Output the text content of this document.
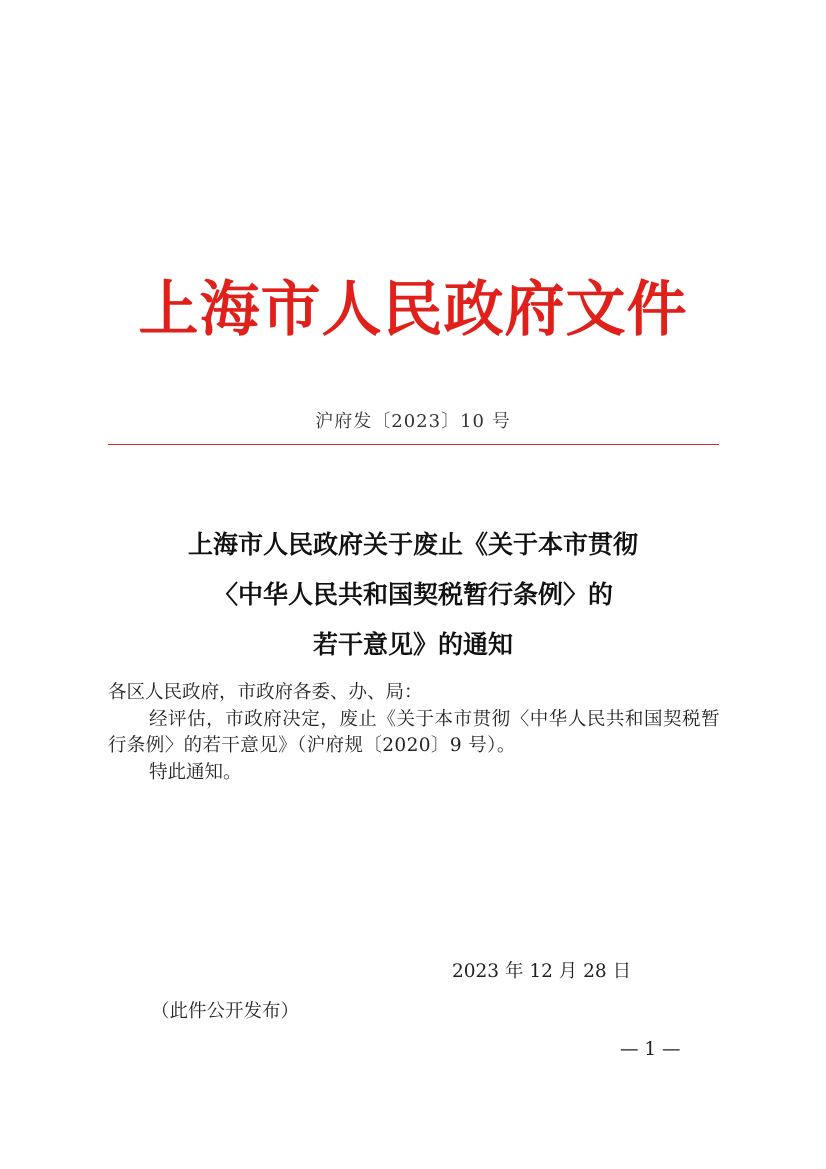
上海市人民政府文件
沪府发〔2023〕10 号
上海市人民政府关于废止《关于本市贯彻
〈中华人民共和国契税暂行条例〉的
若干意见》的通知
各区人民政府，市政府各委、办、局：
经评估，市政府决定，废止《关于本市贯彻〈中华人民共和国契税暂行条例〉的若干意见》（沪府规〔2020〕9 号）。
特此通知。
2023 年 12 月 28 日
（此件公开发布）
— 1 —
